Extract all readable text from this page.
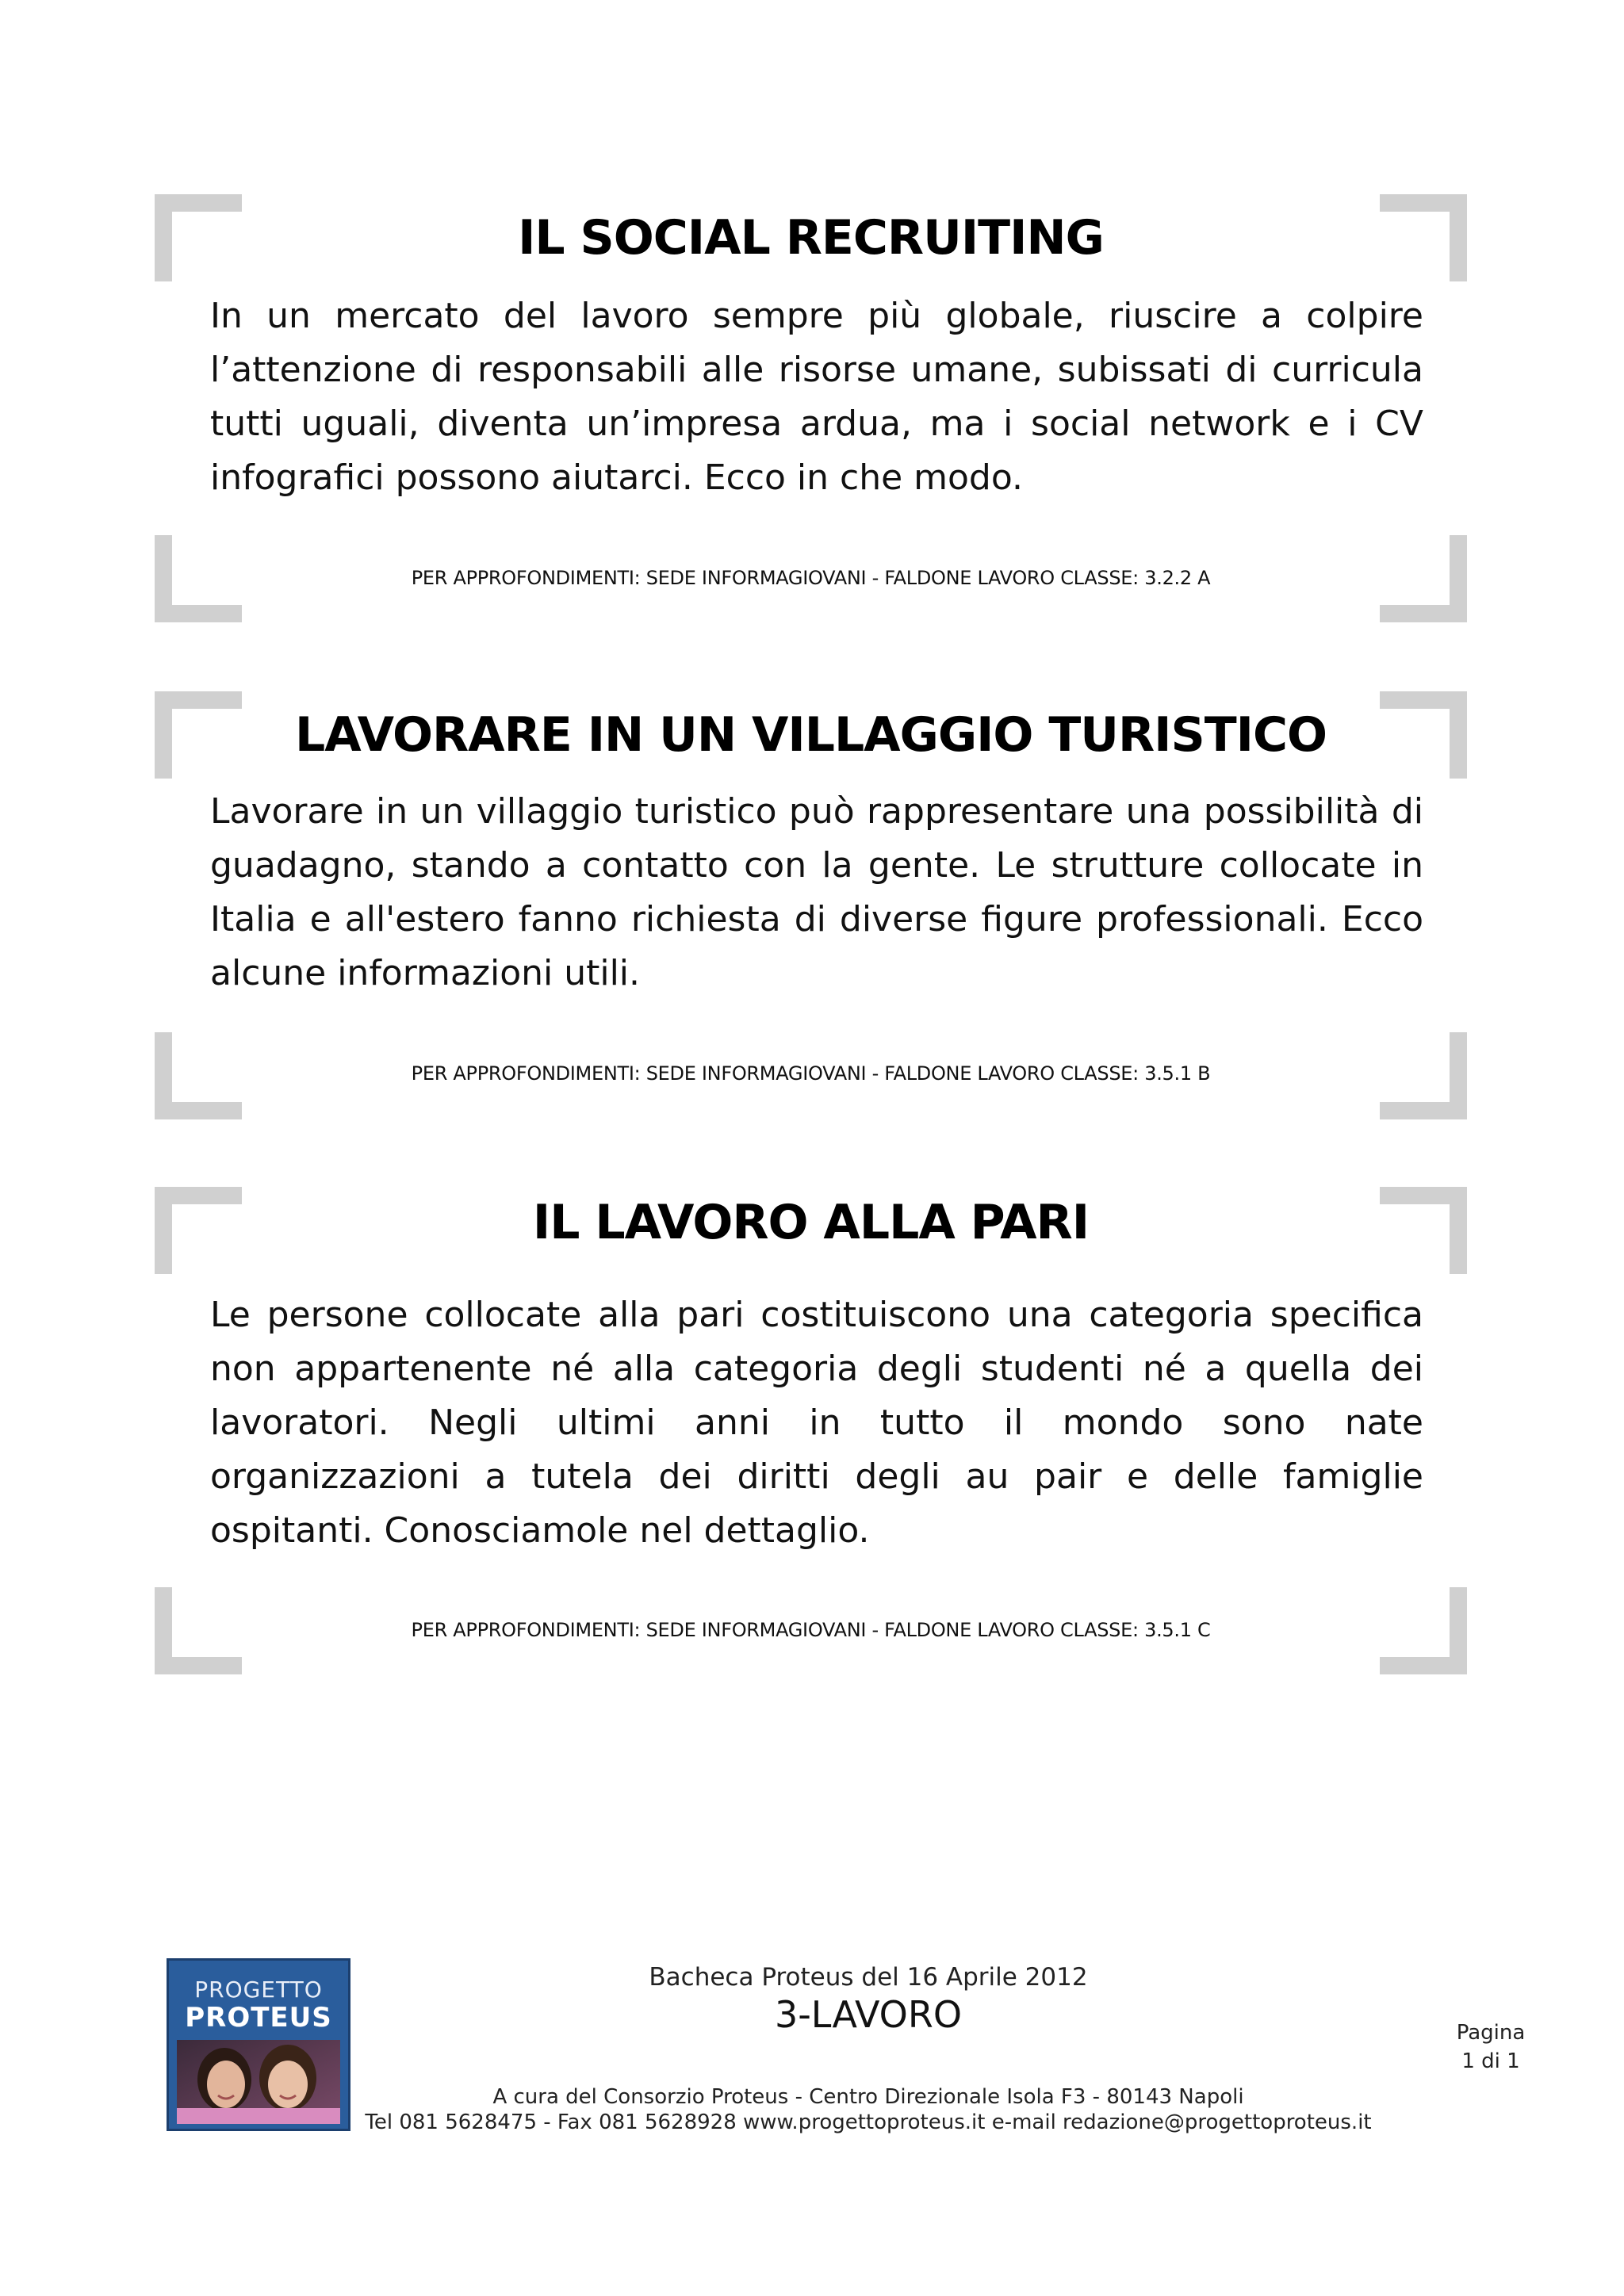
IL SOCIAL RECRUITING

In un mercato del lavoro sempre più globale, riuscire a colpire l’attenzione di responsabili alle risorse umane, subissati di curricula tutti uguali, diventa un’impresa ardua, ma i social network e i CV infografici possono aiutarci. Ecco in che modo.

PER APPROFONDIMENTI: SEDE INFORMAGIOVANI - FALDONE LAVORO CLASSE: 3.2.2 A
LAVORARE IN UN VILLAGGIO TURISTICO

Lavorare in un villaggio turistico può rappresentare una possibilità di guadagno, stando a contatto con la gente. Le strutture collocate in Italia e all'estero fanno richiesta di diverse figure professionali. Ecco alcune informazioni utili.

PER APPROFONDIMENTI: SEDE INFORMAGIOVANI - FALDONE LAVORO CLASSE: 3.5.1 B
IL LAVORO ALLA PARI

Le persone collocate alla pari costituiscono una categoria specifica non appartenente né alla categoria degli studenti né a quella dei lavoratori. Negli ultimi anni in tutto il mondo sono nate organizzazioni a tutela dei diritti degli au pair e delle famiglie ospitanti. Conosciamole nel dettaglio.

PER APPROFONDIMENTI: SEDE INFORMAGIOVANI - FALDONE LAVORO CLASSE: 3.5.1 C
PROGETTO
PROTEUS
Bacheca Proteus del 16 Aprile 2012
3-LAVORO
A cura del Consorzio Proteus - Centro Direzionale Isola F3 - 80143 Napoli
Tel 081 5628475 - Fax 081 5628928 www.progettoproteus.it e-mail redazione@progettoproteus.it
Pagina
1 di 1
